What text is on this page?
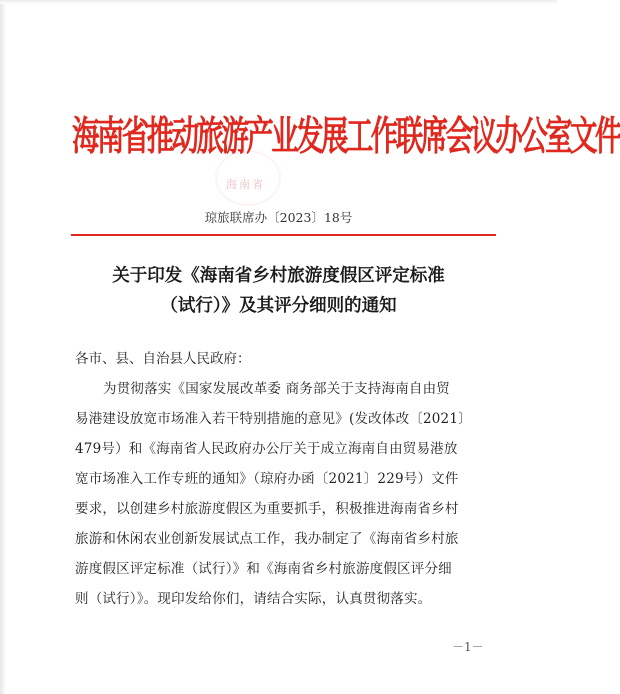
海南省推动旅游产业发展工作联席会议办公室文件
海南省
琼旅联席办〔2023〕18号
关于印发《海南省乡村旅游度假区评定标准
（试行）》及其评分细则的通知
各市、县、自治县人民政府：
为贯彻落实《国家发展改革委 商务部关于支持海南自由贸
易港建设放宽市场准入若干特别措施的意见》(发改体改〔2021〕
479号）和《海南省人民政府办公厅关于成立海南自由贸易港放
宽市场准入工作专班的通知》（琼府办函〔2021〕229号）文件
要求，以创建乡村旅游度假区为重要抓手，积极推进海南省乡村
旅游和休闲农业创新发展试点工作，我办制定了《海南省乡村旅
游度假区评定标准（试行）》和《海南省乡村旅游度假区评分细
则（试行）》。现印发给你们，请结合实际，认真贯彻落实。
－1－
